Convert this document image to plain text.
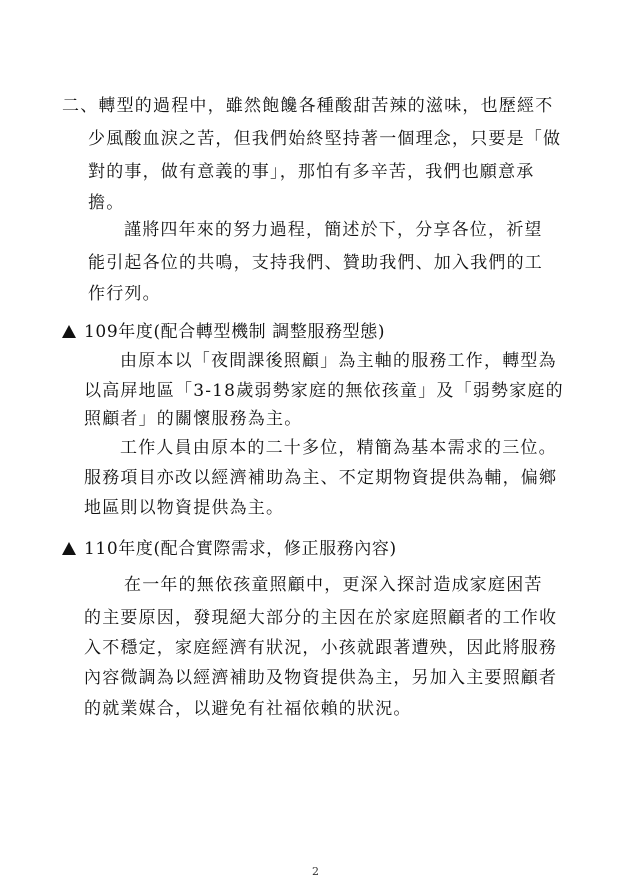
二、轉型的過程中，雖然飽饞各種酸甜苦辣的滋味，也歷經不
少風酸血淚之苦，但我們始終堅持著一個理念，只要是「做
對的事，做有意義的事」，那怕有多辛苦，我們也願意承
擔。
謹將四年來的努力過程，簡述於下，分享各位，祈望
能引起各位的共鳴，支持我們、贊助我們、加入我們的工
作行列。
109年度(配合轉型機制 調整服務型態)
由原本以「夜間課後照顧」為主軸的服務工作，轉型為
以高屏地區「3-18歲弱勢家庭的無依孩童」及「弱勢家庭的
照顧者」的關懷服務為主。
工作人員由原本的二十多位，精簡為基本需求的三位。
服務項目亦改以經濟補助為主、不定期物資提供為輔，偏鄉
地區則以物資提供為主。
110年度(配合實際需求，修正服務內容)
在一年的無依孩童照顧中，更深入探討造成家庭困苦
的主要原因，發現絕大部分的主因在於家庭照顧者的工作收
入不穩定，家庭經濟有狀況，小孩就跟著遭殃，因此將服務
內容微調為以經濟補助及物資提供為主，另加入主要照顧者
的就業媒合，以避免有社福依賴的狀況。
2
